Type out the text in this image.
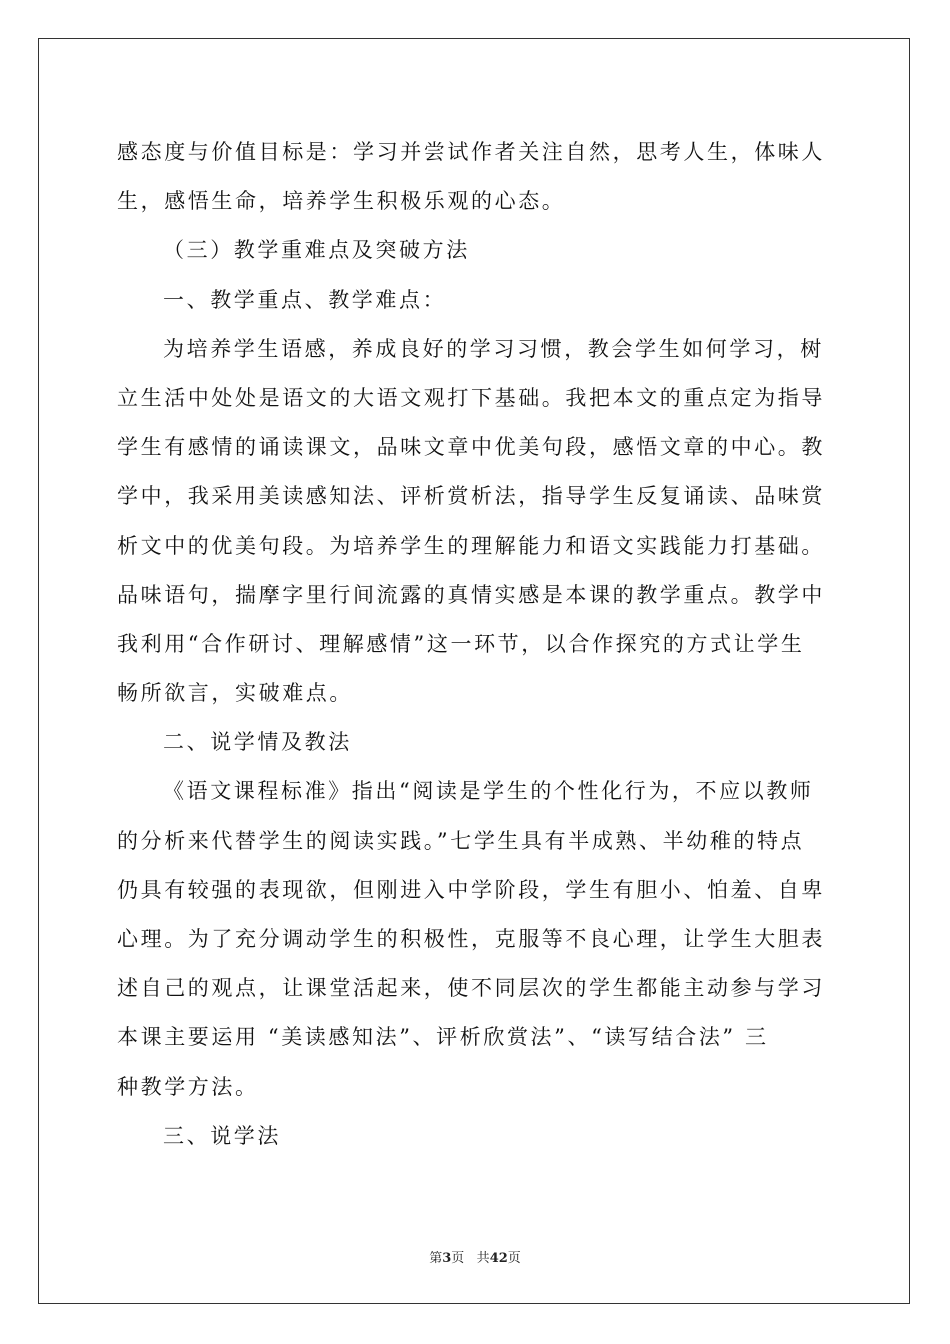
感态度与价值目标是：学习并尝试作者关注自然，思考人生，体味人
生，感悟生命，培养学生积极乐观的心态。
（三）教学重难点及突破方法
一、教学重点、教学难点：
为培养学生语感，养成良好的学习习惯，教会学生如何学习，树
立生活中处处是语文的大语文观打下基础。我把本文的重点定为指导
学生有感情的诵读课文，品味文章中优美句段，感悟文章的中心。教
学中，我采用美读感知法、评析赏析法，指导学生反复诵读、品味赏
析文中的优美句段。为培养学生的理解能力和语文实践能力打基础。
品味语句，揣摩字里行间流露的真情实感是本课的教学重点。教学中
我利用“合作研讨、理解感情”这一环节，以合作探究的方式让学生
畅所欲言，实破难点。
二、说学情及教法
《语文课程标准》指出“阅读是学生的个性化行为，不应以教师
的分析来代替学生的阅读实践。”七学生具有半成熟、半幼稚的特点
仍具有较强的表现欲，但刚进入中学阶段，学生有胆小、怕羞、自卑
心理。为了充分调动学生的积极性，克服等不良心理，让学生大胆表
述自己的观点，让课堂活起来，使不同层次的学生都能主动参与学习
本课主要运用 “美读感知法”、评析欣赏法”、“读写结合法” 三
种教学方法。
三、说学法
第3页 共42页
